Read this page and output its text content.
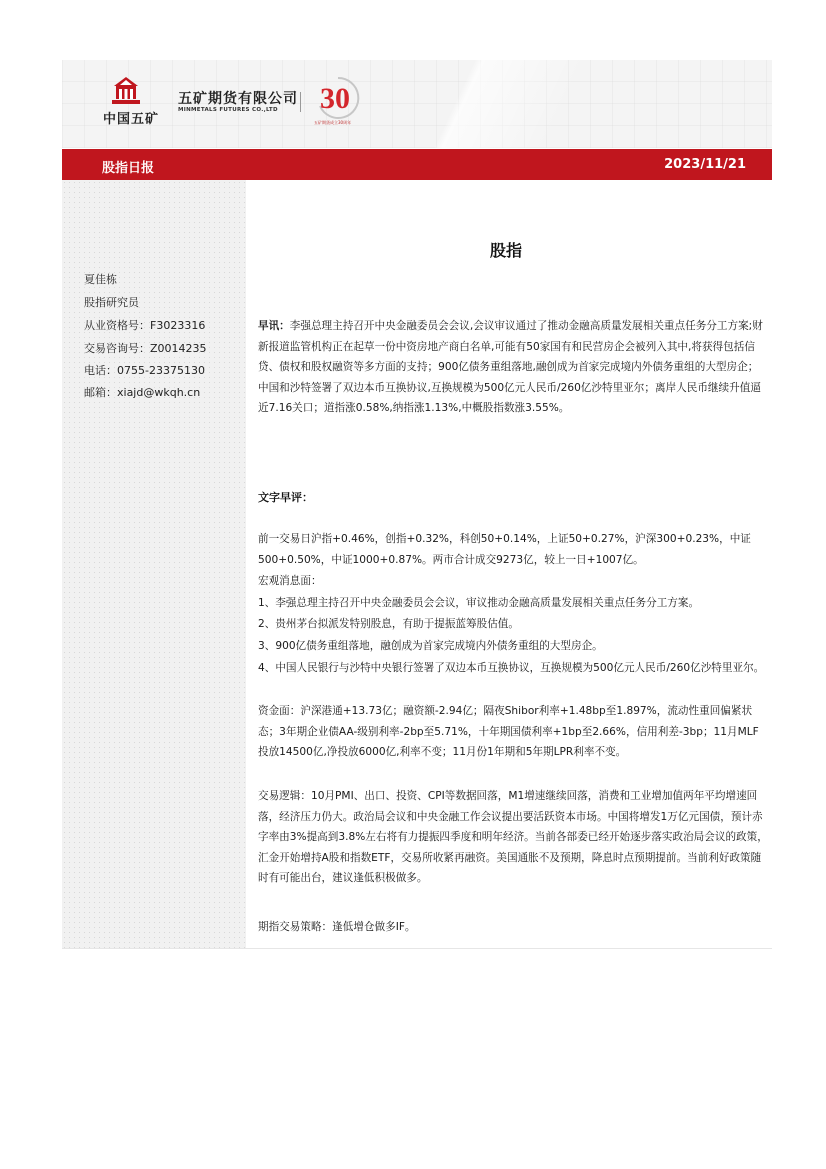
中国五矿
五矿期货有限公司
MINMETALS FUTURES CO.,LTD 30
五矿期货成立30周年
股指日报	2023/11/21
夏佳栋
股指研究员
从业资格号：F3023316
交易咨询号：Z0014235
电话：0755-23375130
邮箱：xiajd@wkqh.cn
股指

早讯：李强总理主持召开中央金融委员会会议,会议审议通过了推动金融高质量发展相关重点任务分工方案;财新报道监管机构正在起草一份中资房地产商白名单,可能有50家国有和民营房企会被列入其中,将获得包括信贷、债权和股权融资等多方面的支持；900亿债务重组落地,融创成为首家完成境内外债务重组的大型房企；中国和沙特签署了双边本币互换协议,互换规模为500亿元人民币/260亿沙特里亚尔；离岸人民币继续升值逼近7.16关口；道指涨0.58%,纳指涨1.13%,中概股指数涨3.55%。

文字早评：

前一交易日沪指+0.46%，创指+0.32%，科创50+0.14%，上证50+0.27%，沪深300+0.23%，中证500+0.50%，中证1000+0.87%。两市合计成交9273亿，较上一日+1007亿。

宏观消息面：

1、李强总理主持召开中央金融委员会会议，审议推动金融高质量发展相关重点任务分工方案。

2、贵州茅台拟派发特别股息，有助于提振蓝筹股估值。

3、900亿债务重组落地，融创成为首家完成境内外债务重组的大型房企。

4、中国人民银行与沙特中央银行签署了双边本币互换协议，互换规模为500亿元人民币/260亿沙特里亚尔。

资金面：沪深港通+13.73亿；融资额-2.94亿；隔夜Shibor利率+1.48bp至1.897%，流动性重回偏紧状态；3年期企业债AA-级别利率-2bp至5.71%，十年期国债利率+1bp至2.66%，信用利差-3bp；11月MLF投放14500亿,净投放6000亿,利率不变；11月份1年期和5年期LPR利率不变。

交易逻辑：10月PMI、出口、投资、CPI等数据回落，M1增速继续回落，消费和工业增加值两年平均增速回落，经济压力仍大。政治局会议和中央金融工作会议提出要活跃资本市场。中国将增发1万亿元国债，预计赤字率由3%提高到3.8%左右将有力提振四季度和明年经济。当前各部委已经开始逐步落实政治局会议的政策，汇金开始增持A股和指数ETF，交易所收紧再融资。美国通胀不及预期，降息时点预期提前。当前利好政策随时有可能出台，建议逢低积极做多。

期指交易策略：逢低增仓做多IF。
